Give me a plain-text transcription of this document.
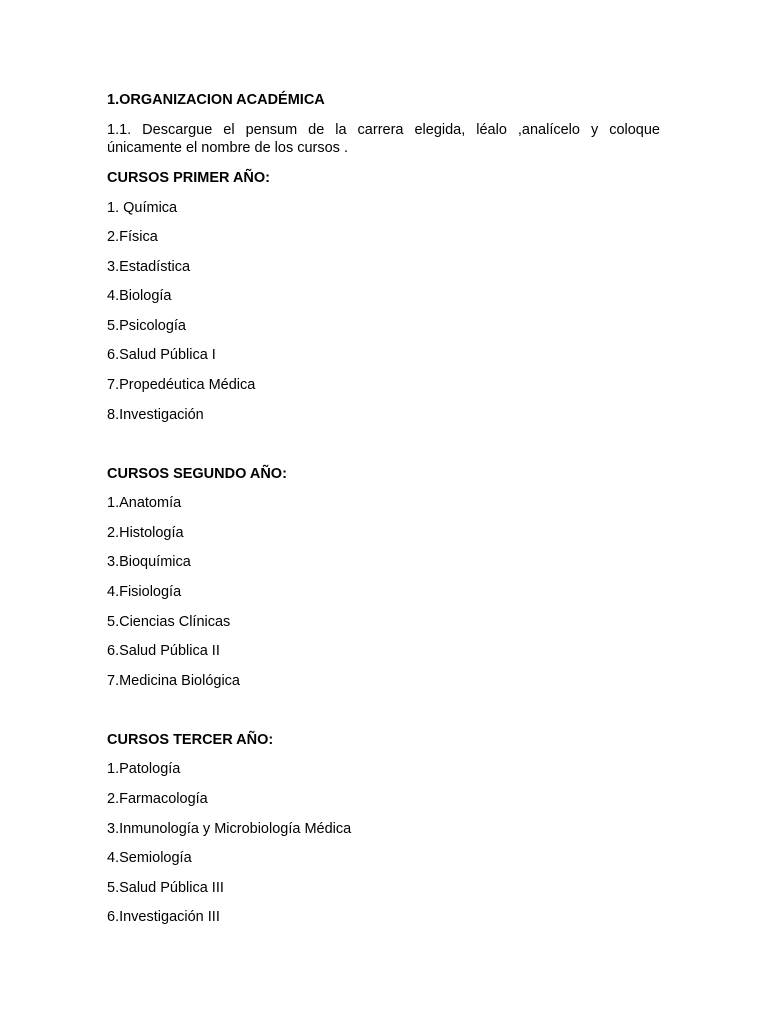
1.ORGANIZACION ACADÉMICA

1.1. Descargue el pensum de la carrera elegida, léalo ,analícelo y coloque únicamente el nombre de los cursos .

CURSOS PRIMER AÑO:

1. Química
2.Física
3.Estadística
4.Biología
5.Psicología
6.Salud Pública I
7.Propedéutica Médica
8.Investigación

CURSOS SEGUNDO AÑO:

1.Anatomía
2.Histología
3.Bioquímica
4.Fisiología
5.Ciencias Clínicas
6.Salud Pública II
7.Medicina Biológica

CURSOS TERCER AÑO:

1.Patología
2.Farmacología
3.Inmunología y Microbiología Médica
4.Semiología
5.Salud Pública III
6.Investigación III
